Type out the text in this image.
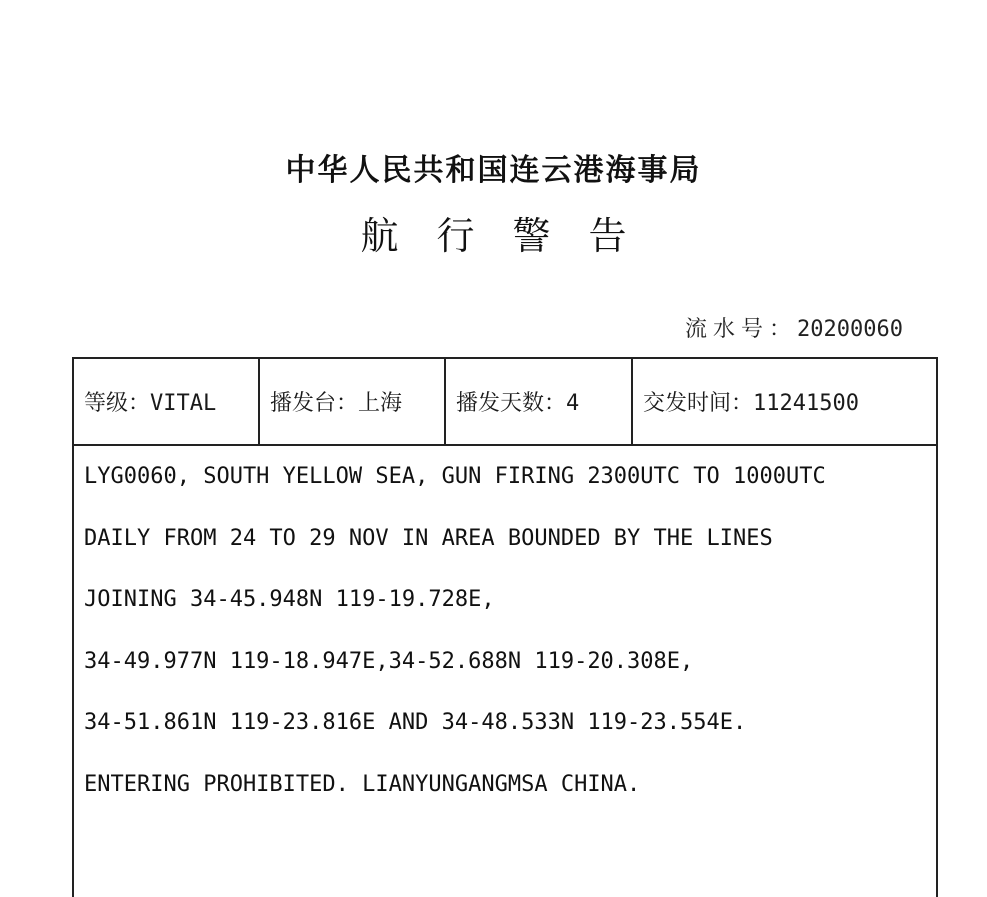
中华人民共和国连云港海事局
航行警告
流水号：20200060
等级：VITAL	播发台：上海	播发天数：4	交发时间：11241500
LYG0060, SOUTH YELLOW SEA, GUN FIRING 2300UTC TO 1000UTC
DAILY FROM 24 TO 29 NOV IN AREA BOUNDED BY THE LINES
JOINING 34-45.948N 119-19.728E,
34-49.977N 119-18.947E,34-52.688N 119-20.308E,
34-51.861N 119-23.816E AND 34-48.533N 119-23.554E.
ENTERING PROHIBITED. LIANYUNGANGMSA CHINA.
